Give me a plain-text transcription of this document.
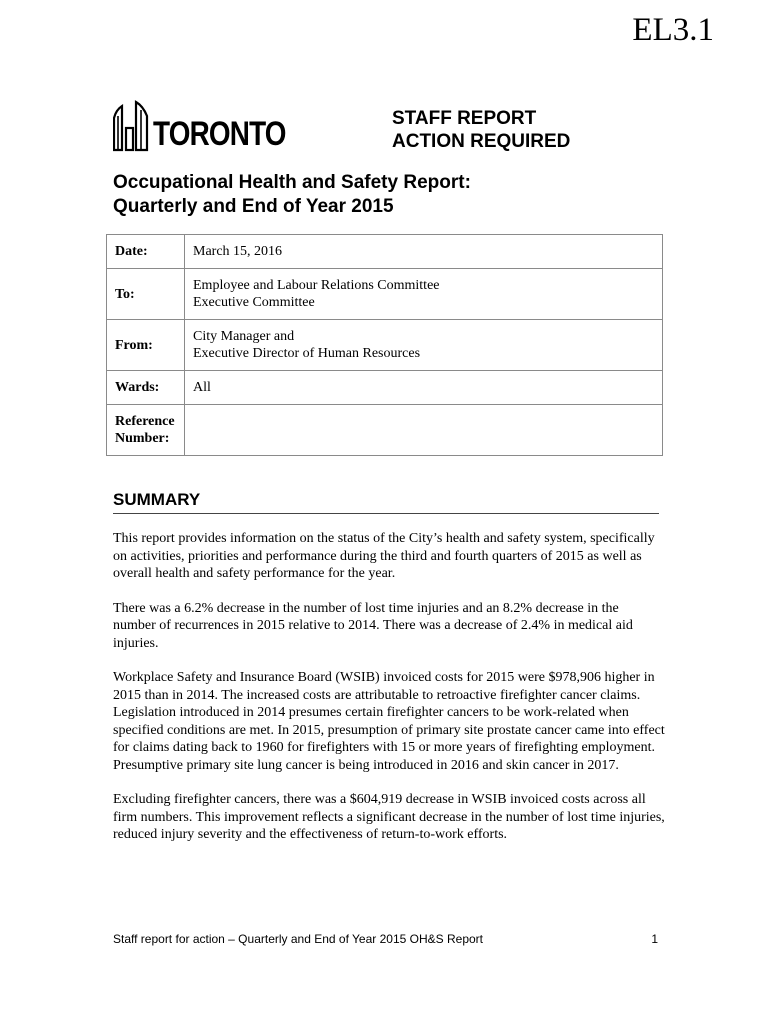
EL3.1
TORONTO	STAFF REPORT
ACTION REQUIRED
Occupational Health and Safety Report:
Quarterly and End of Year 2015
Date:	March 15, 2016
To:	Employee and Labour Relations Committee
Executive Committee

From:	City Manager and
Executive Director of Human Resources

Wards:	All

Reference
Number:	

SUMMARY

This report provides information on the status of the City’s health and safety system, specifically on activities, priorities and performance during the third and fourth quarters of 2015 as well as overall health and safety performance for the year.

There was a 6.2% decrease in the number of lost time injuries and an 8.2% decrease in the number of recurrences in 2015 relative to 2014. There was a decrease of 2.4% in medical aid injuries.

Workplace Safety and Insurance Board (WSIB) invoiced costs for 2015 were $978,906 higher in 2015 than in 2014. The increased costs are attributable to retroactive firefighter cancer claims. Legislation introduced in 2014 presumes certain firefighter cancers to be work-related when specified conditions are met. In 2015, presumption of primary site prostate cancer came into effect for claims dating back to 1960 for firefighters with 15 or more years of firefighting employment. Presumptive primary site lung cancer is being introduced in 2016 and skin cancer in 2017.

Excluding firefighter cancers, there was a $604,919 decrease in WSIB invoiced costs across all firm numbers. This improvement reflects a significant decrease in the number of lost time injuries, reduced injury severity and the effectiveness of return-to-work efforts.

Staff report for action – Quarterly and End of Year 2015 OH&S Report	1
